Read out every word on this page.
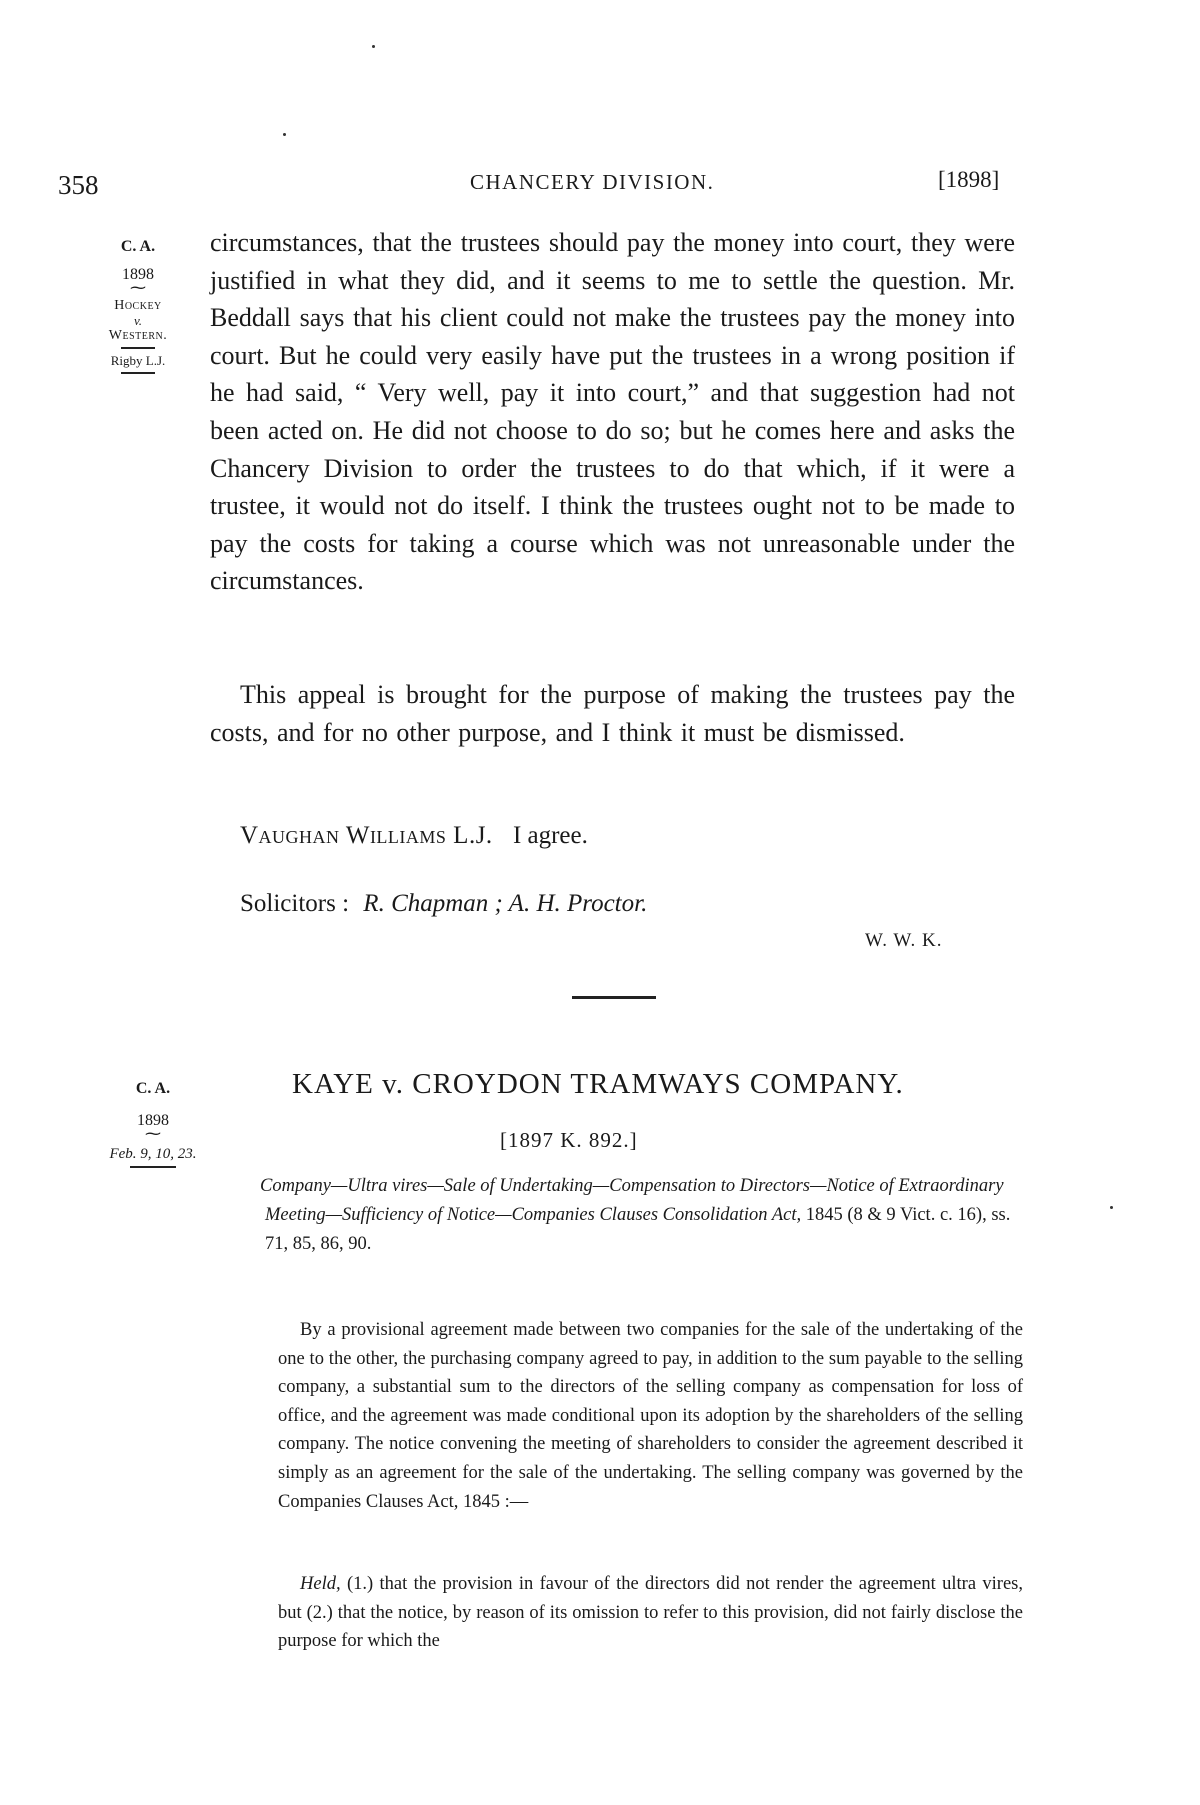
358	CHANCERY DIVISION.	[1898]
C. A.
1898
⁓
Hockey
v.
Western.
Rigby L.J.
circumstances, that the trustees should pay the money into court, they were justified in what they did, and it seems to me to settle the question. Mr. Beddall says that his client could not make the trustees pay the money into court. But he could very easily have put the trustees in a wrong position if he had said, “ Very well, pay it into court,” and that suggestion had not been acted on. He did not choose to do so; but he comes here and asks the Chancery Division to order the trustees to do that which, if it were a trustee, it would not do itself. I think the trustees ought not to be made to pay the costs for taking a course which was not unreasonable under the circumstances.
This appeal is brought for the purpose of making the trustees pay the costs, and for no other purpose, and I think it must be dismissed.
Vaughan Williams L.J. I agree.
Solicitors : R. Chapman ; A. H. Proctor.
W. W. K.
C. A.
1898
⁓
Feb. 9, 10, 23.
KAYE v. CROYDON TRAMWAYS COMPANY.
[1897 K. 892.]
Company—Ultra vires—Sale of Undertaking—Compensation to Directors—Notice of Extraordinary Meeting—Sufficiency of Notice—Companies Clauses Consolidation Act, 1845 (8 & 9 Vict. c. 16), ss. 71, 85, 86, 90.
By a provisional agreement made between two companies for the sale of the undertaking of the one to the other, the purchasing company agreed to pay, in addition to the sum payable to the selling company, a substantial sum to the directors of the selling company as compensation for loss of office, and the agreement was made conditional upon its adoption by the shareholders of the selling company. The notice convening the meeting of shareholders to consider the agreement described it simply as an agreement for the sale of the undertaking. The selling company was governed by the Companies Clauses Act, 1845 :—
Held, (1.) that the provision in favour of the directors did not render the agreement ultra vires, but (2.) that the notice, by reason of its omission to refer to this provision, did not fairly disclose the purpose for which the
